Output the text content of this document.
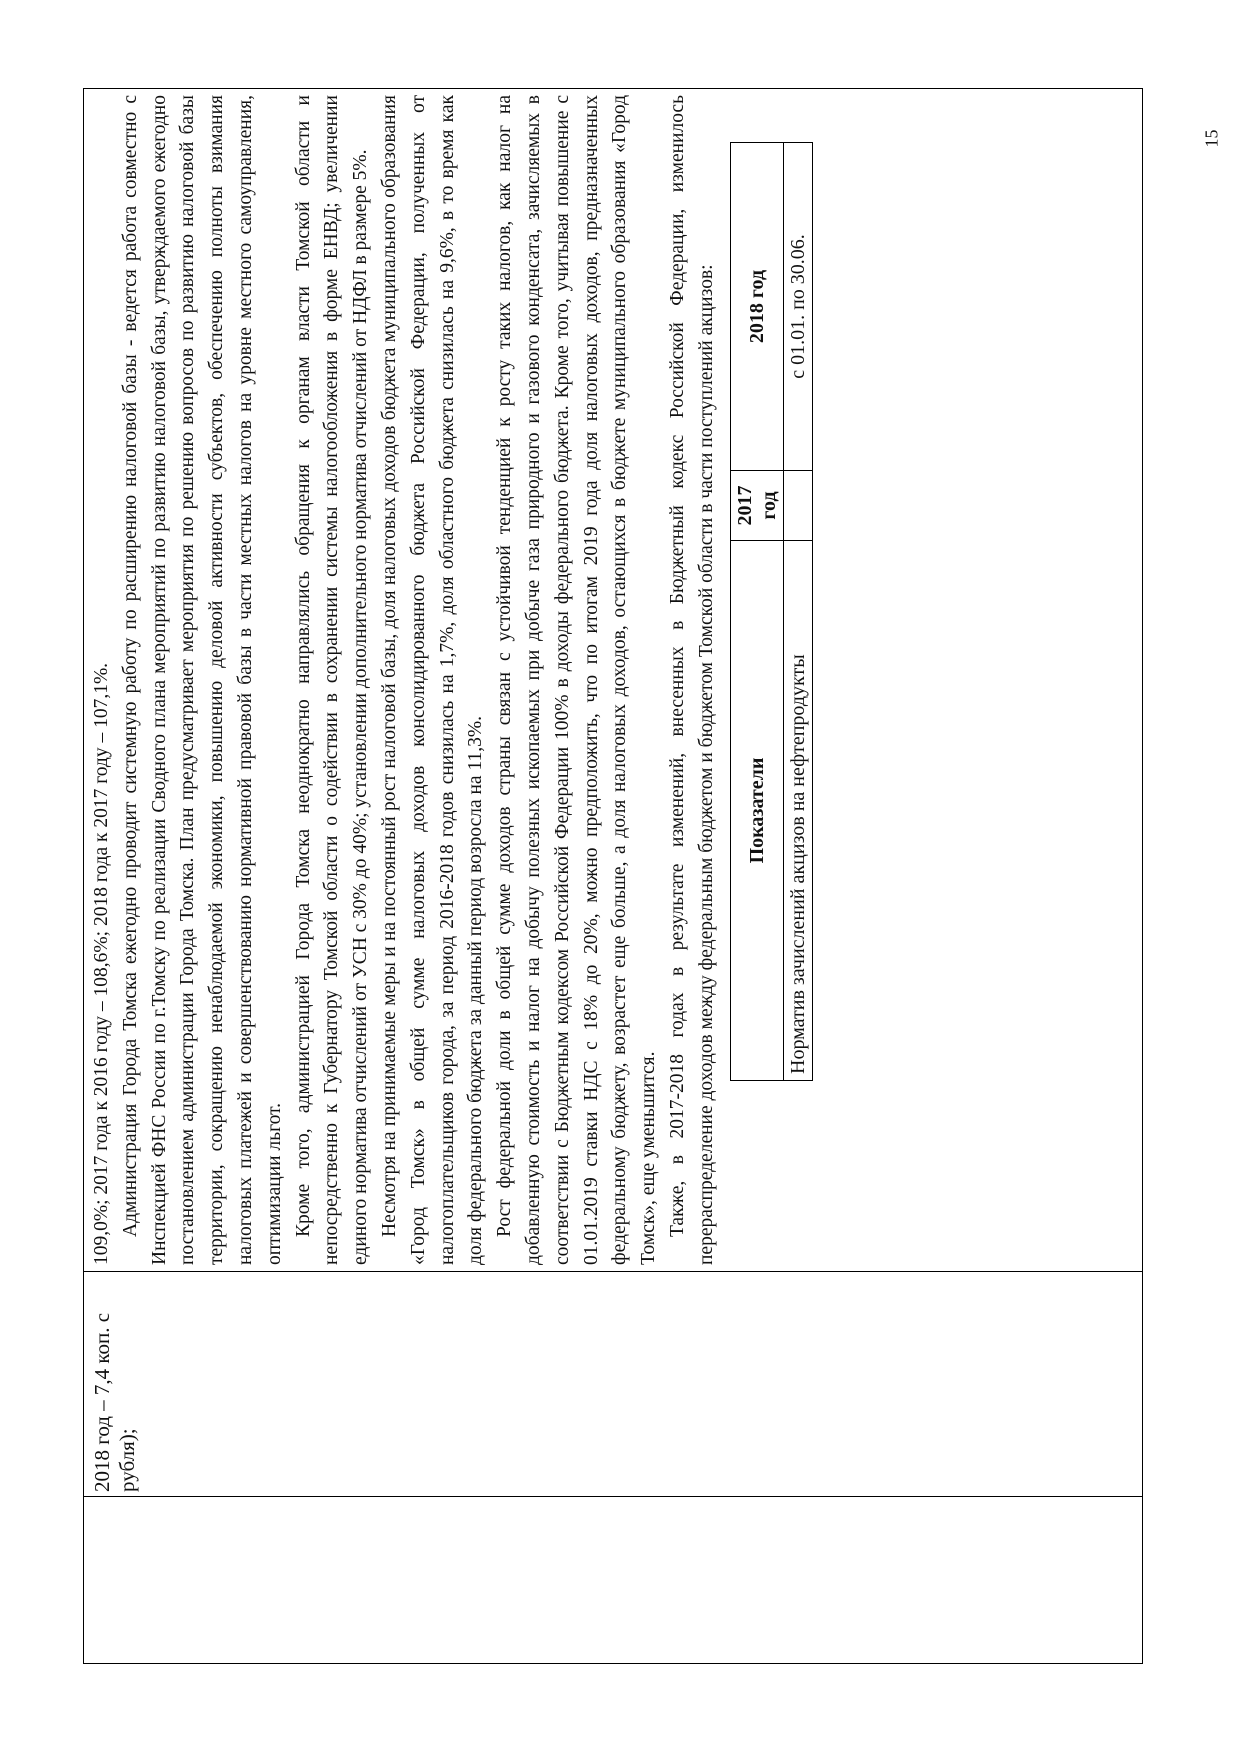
15
	2018 год – 7,4 коп. с рубля);	

109,0%; 2017 года к 2016 году – 108,6%; 2018 года к 2017 году – 107,1%. Администрация Города Томска ежегодно проводит системную работу по расширению налоговой базы - ведется работа совместно с Инспекцией ФНС России по г.Томску по реализации Сводного плана мероприятий по развитию налоговой базы, утверждаемого ежегодно постановлением администрации Города Томска. План предусматривает мероприятия по решению вопросов по развитию налоговой базы территории, сокращению ненаблюдаемой экономики, повышению деловой активности субъектов, обеспечению полноты взимания налоговых платежей и совершенствованию нормативной правовой базы в части местных налогов на уровне местного самоуправления, оптимизации льгот. Кроме того, администрацией Города Томска неоднократно направлялись обращения к органам власти Томской области и непосредственно к Губернатору Томской области о содействии в сохранении системы налогообложения в форме ЕНВД; увеличении единого норматива отчислений от УСН с 30% до 40%; установлении дополнительного норматива отчислений от НДФЛ в размере 5%. Несмотря на принимаемые меры и на постоянный рост налоговой базы, доля налоговых доходов бюджета муниципального образования «Город Томск» в общей сумме налоговых доходов консолидированного бюджета Российской Федерации, полученных от налогоплательщиков города, за период 2016-2018 годов снизилась на 1,7%, доля областного бюджета снизилась на 9,6%, в то время как доля федерального бюджета за данный период возросла на 11,3%. Рост федеральной доли в общей сумме доходов страны связан с устойчивой тенденцией к росту таких налогов, как налог на добавленную стоимость и налог на добычу полезных ископаемых при добыче газа природного и газового конденсата, зачисляемых в соответствии с Бюджетным кодексом Российской Федерации 100% в доходы федерального бюджета. Кроме того, учитывая повышение с 01.01.2019 ставки НДС с 18% до 20%, можно предположить, что по итогам 2019 года доля налоговых доходов, предназначенных федеральному бюджету, возрастет еще больше, а доля налоговых доходов, остающихся в бюджете муниципального образования «Город Томск», еще уменьшится. Также, в 2017-2018 годах в результате изменений, внесенных в Бюджетный кодекс Российской Федерации, изменилось перераспределение доходов между федеральным бюджетом и бюджетом Томской области в части поступлений акцизов: Показатели	2017 год	2018 год
Норматив зачислений акцизов на нефтепродукты		с 01.01. по 30.06.
